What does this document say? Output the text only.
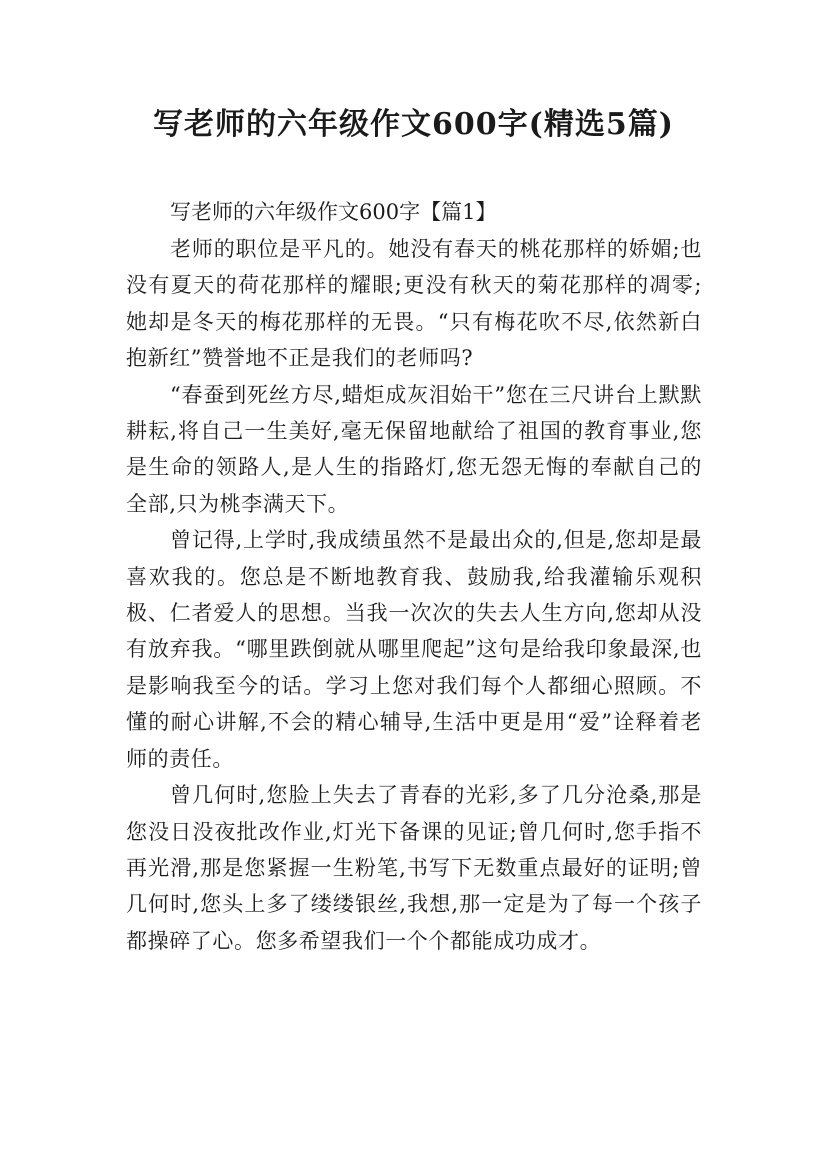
写老师的六年级作文600字(精选5篇)
写老师的六年级作文600字【篇1】

老师的职位是平凡的。她没有春天的桃花那样的娇媚;也没有夏天的荷花那样的耀眼;更没有秋天的菊花那样的凋零;她却是冬天的梅花那样的无畏。“只有梅花吹不尽,依然新白抱新红”赞誉地不正是我们的老师吗?

“春蚕到死丝方尽,蜡炬成灰泪始干”您在三尺讲台上默默耕耘,将自己一生美好,毫无保留地献给了祖国的教育事业,您是生命的领路人,是人生的指路灯,您无怨无悔的奉献自己的全部,只为桃李满天下。

曾记得,上学时,我成绩虽然不是最出众的,但是,您却是最喜欢我的。您总是不断地教育我、鼓励我,给我灌输乐观积极、仁者爱人的思想。当我一次次的失去人生方向,您却从没有放弃我。“哪里跌倒就从哪里爬起”这句是给我印象最深,也是影响我至今的话。学习上您对我们每个人都细心照顾。不懂的耐心讲解,不会的精心辅导,生活中更是用“爱”诠释着老师的责任。

曾几何时,您脸上失去了青春的光彩,多了几分沧桑,那是您没日没夜批改作业,灯光下备课的见证;曾几何时,您手指不再光滑,那是您紧握一生粉笔,书写下无数重点最好的证明;曾几何时,您头上多了缕缕银丝,我想,那一定是为了每一个孩子都操碎了心。您多希望我们一个个都能成功成才。
